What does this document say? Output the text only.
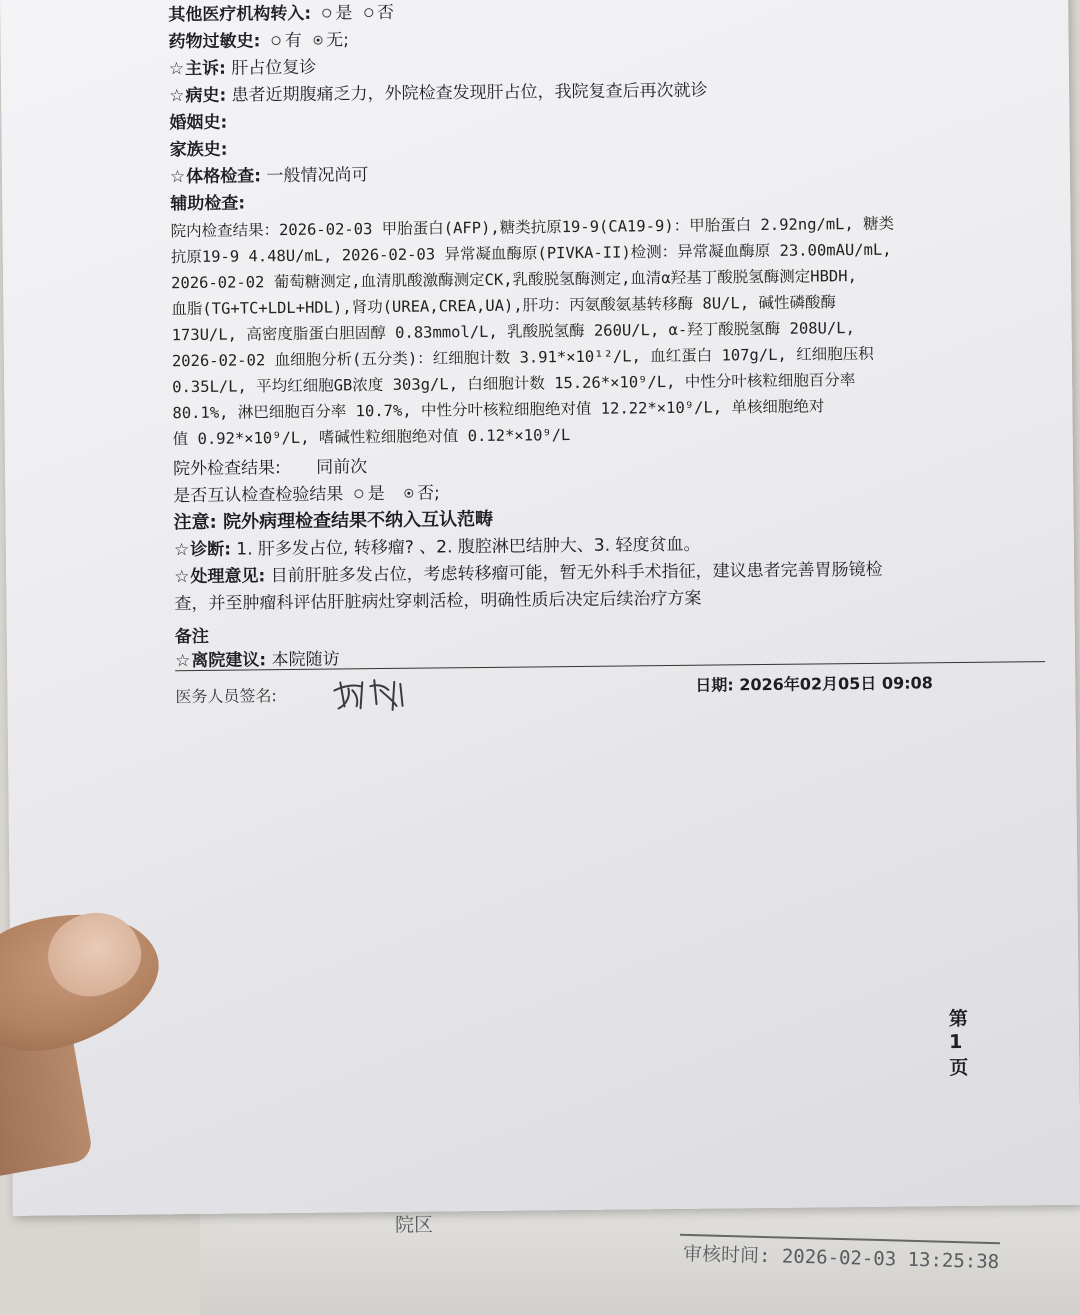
院区
审核时间: 2026-02-03 13:25:38
其他医疗机构转入: 是 否
药物过敏史: 有 无;
☆主诉: 肝占位复诊
☆病史: 患者近期腹痛乏力，外院检查发现肝占位，我院复查后再次就诊
婚姻史:
家族史:
☆体格检查: 一般情况尚可
辅助检查:
院内检查结果：2026-02-03 甲胎蛋白(AFP),糖类抗原19-9(CA19-9)：甲胎蛋白 2.92ng/mL, 糖类
抗原19-9 4.48U/mL, 2026-02-03 异常凝血酶原(PIVKA-II)检测：异常凝血酶原 23.00mAU/mL,
2026-02-02 葡萄糖测定,血清肌酸激酶测定CK,乳酸脱氢酶测定,血清α羟基丁酸脱氢酶测定HBDH,
血脂(TG+TC+LDL+HDL),肾功(UREA,CREA,UA),肝功：丙氨酸氨基转移酶 8U/L, 碱性磷酸酶
173U/L, 高密度脂蛋白胆固醇 0.83mmol/L, 乳酸脱氢酶 260U/L, α-羟丁酸脱氢酶 208U/L,
2026-02-02 血细胞分析(五分类)：红细胞计数 3.91*×10¹²/L, 血红蛋白 107g/L, 红细胞压积
0.35L/L, 平均红细胞GB浓度 303g/L, 白细胞计数 15.26*×10⁹/L, 中性分叶核粒细胞百分率
80.1%, 淋巴细胞百分率 10.7%, 中性分叶核粒细胞绝对值 12.22*×10⁹/L, 单核细胞绝对
值 0.92*×10⁹/L, 嗜碱性粒细胞绝对值 0.12*×10⁹/L
院外检查结果: 同前次
是否互认检查检验结果 是 否;
注意: 院外病理检查结果不纳入互认范畴
☆诊断: 1. 肝多发占位, 转移瘤? 、2. 腹腔淋巴结肿大、3. 轻度贫血。
☆处理意见: 目前肝脏多发占位，考虑转移瘤可能，暂无外科手术指征，建议患者完善胃肠镜检
查，并至肿瘤科评估肝脏病灶穿刺活检，明确性质后决定后续治疗方案
备注
☆离院建议: 本院随访
医务人员签名:
日期: 2026年02月05日 09:08
第1页
